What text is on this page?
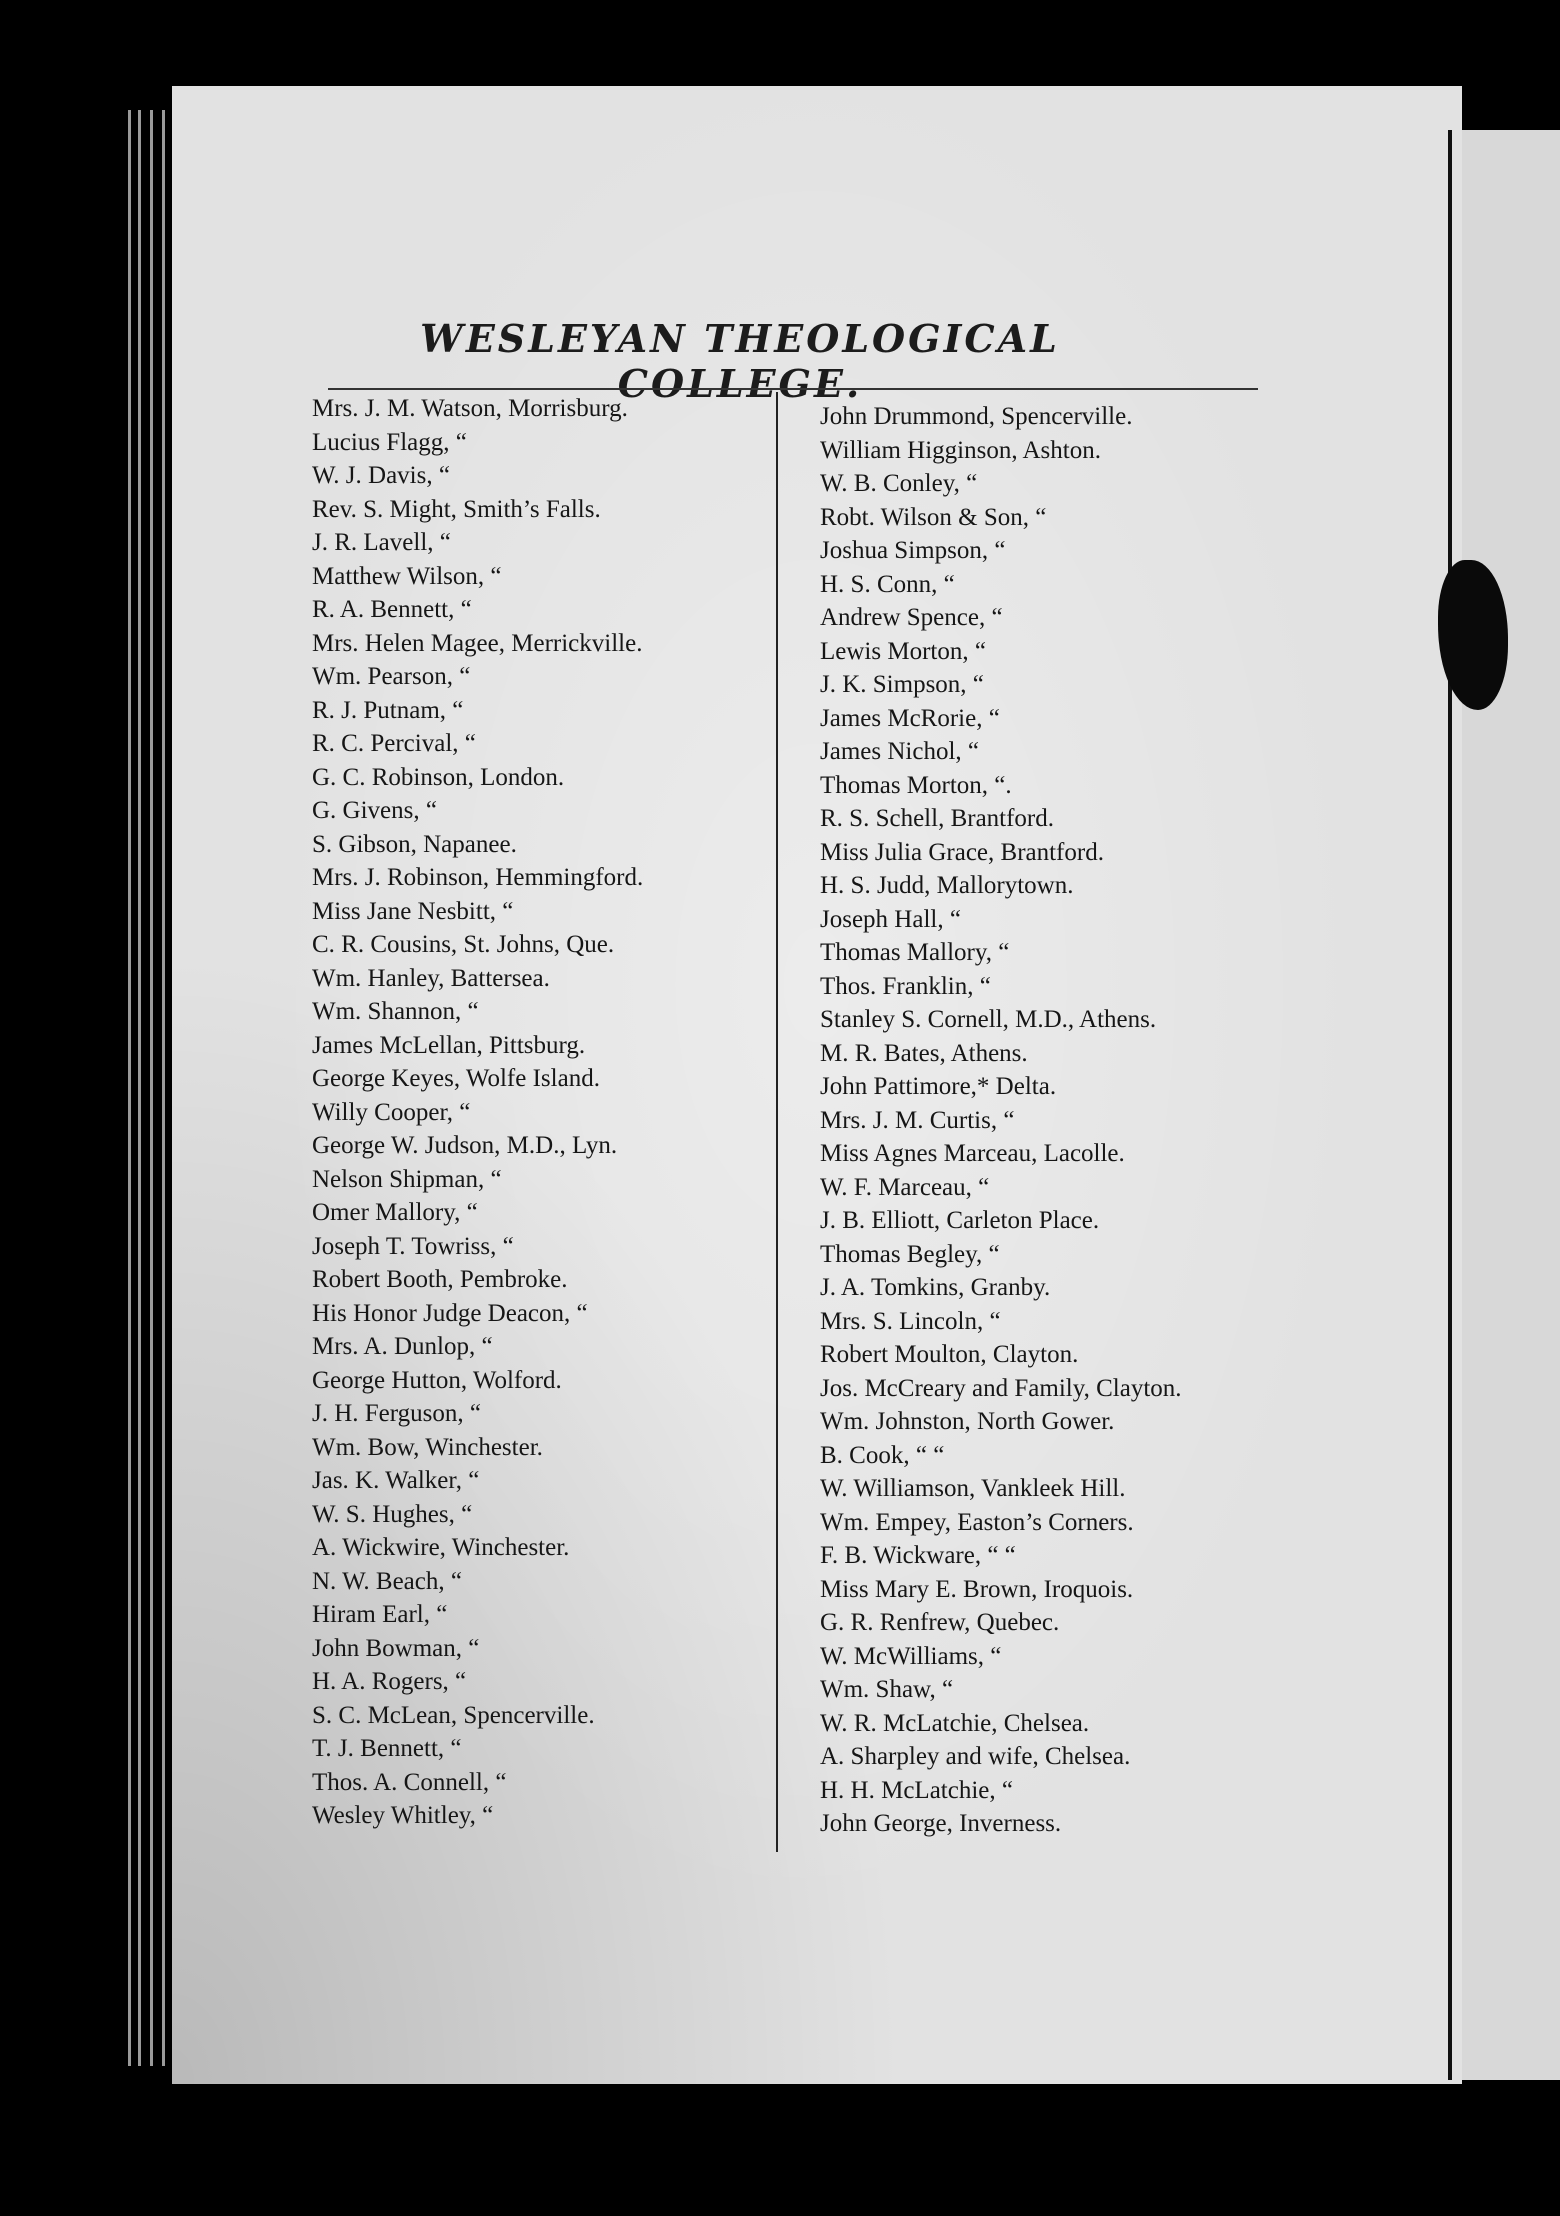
WESLEYAN THEOLOGICAL COLLEGE.
Mrs. J. M. Watson, Morrisburg.
Lucius Flagg, “
W. J. Davis, “
Rev. S. Might, Smith’s Falls.
J. R. Lavell, “
Matthew Wilson, “
R. A. Bennett, “
Mrs. Helen Magee, Merrickville.
Wm. Pearson, “
R. J. Putnam, “
R. C. Percival, “
G. C. Robinson, London.
G. Givens, “
S. Gibson, Napanee.
Mrs. J. Robinson, Hemmingford.
Miss Jane Nesbitt, “
C. R. Cousins, St. Johns, Que.
Wm. Hanley, Battersea.
Wm. Shannon, “
James McLellan, Pittsburg.
George Keyes, Wolfe Island.
Willy Cooper, “
George W. Judson, M.D., Lyn.
Nelson Shipman, “
Omer Mallory, “
Joseph T. Towriss, “
Robert Booth, Pembroke.
His Honor Judge Deacon, “
Mrs. A. Dunlop, “
George Hutton, Wolford.
J. H. Ferguson, “
Wm. Bow, Winchester.
Jas. K. Walker, “
W. S. Hughes, “
A. Wickwire, Winchester.
N. W. Beach, “
Hiram Earl, “
John Bowman, “
H. A. Rogers, “
S. C. McLean, Spencerville.
T. J. Bennett, “
Thos. A. Connell, “
Wesley Whitley, “
John Drummond, Spencerville.
William Higginson, Ashton.
W. B. Conley, “
Robt. Wilson & Son, “
Joshua Simpson, “
H. S. Conn, “
Andrew Spence, “
Lewis Morton, “
J. K. Simpson, “
James McRorie, “
James Nichol, “
Thomas Morton, “.
R. S. Schell, Brantford.
Miss Julia Grace, Brantford.
H. S. Judd, Mallorytown.
Joseph Hall, “
Thomas Mallory, “
Thos. Franklin, “
Stanley S. Cornell, M.D., Athens.
M. R. Bates, Athens.
John Pattimore,* Delta.
Mrs. J. M. Curtis, “
Miss Agnes Marceau, Lacolle.
W. F. Marceau, “
J. B. Elliott, Carleton Place.
Thomas Begley, “
J. A. Tomkins, Granby.
Mrs. S. Lincoln, “
Robert Moulton, Clayton.
Jos. McCreary and Family, Clayton.
Wm. Johnston, North Gower.
B. Cook, “ “
W. Williamson, Vankleek Hill.
Wm. Empey, Easton’s Corners.
F. B. Wickware, “ “
Miss Mary E. Brown, Iroquois.
G. R. Renfrew, Quebec.
W. McWilliams, “
Wm. Shaw, “
W. R. McLatchie, Chelsea.
A. Sharpley and wife, Chelsea.
H. H. McLatchie, “
John George, Inverness.
